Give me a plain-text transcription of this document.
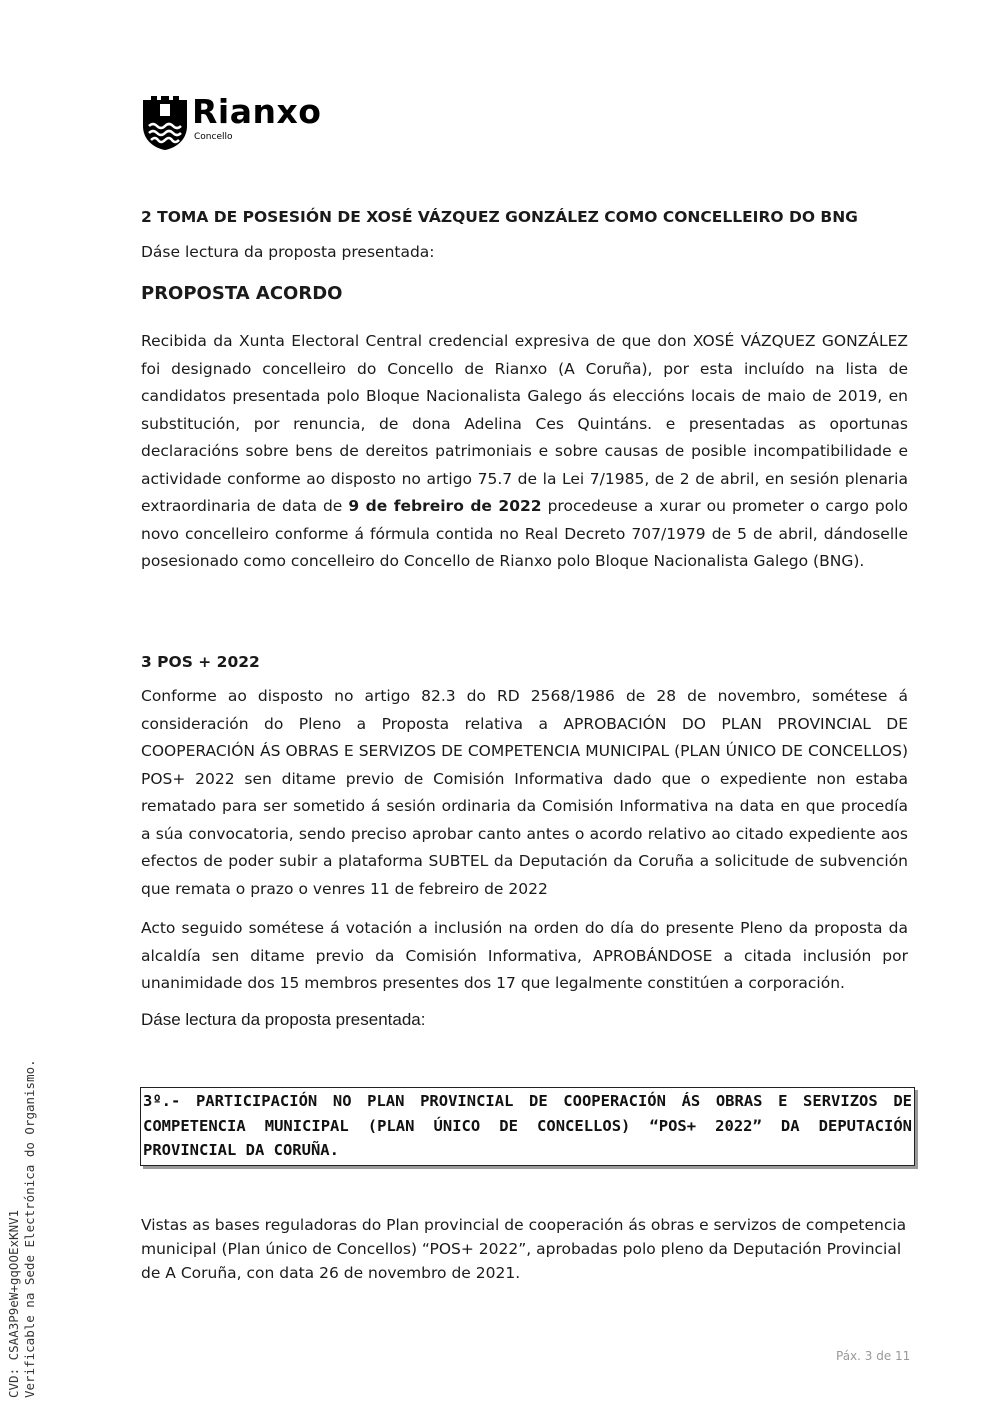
Rianxo
Concello

2 TOMA DE POSESIÓN DE XOSÉ VÁZQUEZ GONZÁLEZ COMO CONCELLEIRO DO BNG

Dáse lectura da proposta presentada:

PROPOSTA ACORDO

Recibida da Xunta Electoral Central credencial expresiva de que don XOSÉ VÁZQUEZ GONZÁLEZ foi designado concelleiro do Concello de Rianxo (A Coruña), por esta incluído na lista de candidatos presentada polo Bloque Nacionalista Galego ás eleccións locais de maio de 2019, en substitución, por renuncia, de dona Adelina Ces Quintáns. e presentadas as oportunas declaracións sobre bens de dereitos patrimoniais e sobre causas de posible incompatibilidade e actividade conforme ao disposto no artigo 75.7 de la Lei 7/1985, de 2 de abril, en sesión plenaria extraordinaria de data de 9 de febreiro de 2022 procedeuse a xurar ou prometer o cargo polo novo concelleiro conforme á fórmula contida no Real Decreto 707/1979 de 5 de abril, dándoselle posesionado como concelleiro do Concello de Rianxo polo Bloque Nacionalista Galego (BNG).

3 POS + 2022

Conforme ao disposto no artigo 82.3 do RD 2568/1986 de 28 de novembro, sométese á consideración do Pleno a Proposta relativa a APROBACIÓN DO PLAN PROVINCIAL DE COOPERACIÓN ÁS OBRAS E SERVIZOS DE COMPETENCIA MUNICIPAL (PLAN ÚNICO DE CONCELLOS) POS+ 2022 sen ditame previo de Comisión Informativa dado que o expediente non estaba rematado para ser sometido á sesión ordinaria da Comisión Informativa na data en que procedía a súa convocatoria, sendo preciso aprobar canto antes o acordo relativo ao citado expediente aos efectos de poder subir a plataforma SUBTEL da Deputación da Coruña a solicitude de subvención que remata o prazo o venres 11 de febreiro de 2022

Acto seguido sométese á votación a inclusión na orden do día do presente Pleno da proposta da alcaldía sen ditame previo da Comisión Informativa, APROBÁNDOSE a citada inclusión por unanimidade dos 15 membros presentes dos 17 que legalmente constitúen a corporación.

Dáse lectura da proposta presentada:

3º.- PARTICIPACIÓN NO PLAN PROVINCIAL DE COOPERACIÓN ÁS OBRAS E SERVIZOS DE COMPETENCIA MUNICIPAL (PLAN ÚNICO DE CONCELLOS) “POS+ 2022” DA DEPUTACIÓN PROVINCIAL DA CORUÑA.

Vistas as bases reguladoras do Plan provincial de cooperación ás obras e servizos de competencia municipal (Plan único de Concellos) “POS+ 2022”, aprobadas polo pleno da Deputación Provincial de A Coruña, con data 26 de novembro de 2021.

CVD: CSAA3P9eW+gqOOExKNV1 Verificable na Sede Electrónica do Organismo.	Páx. 3 de 11
